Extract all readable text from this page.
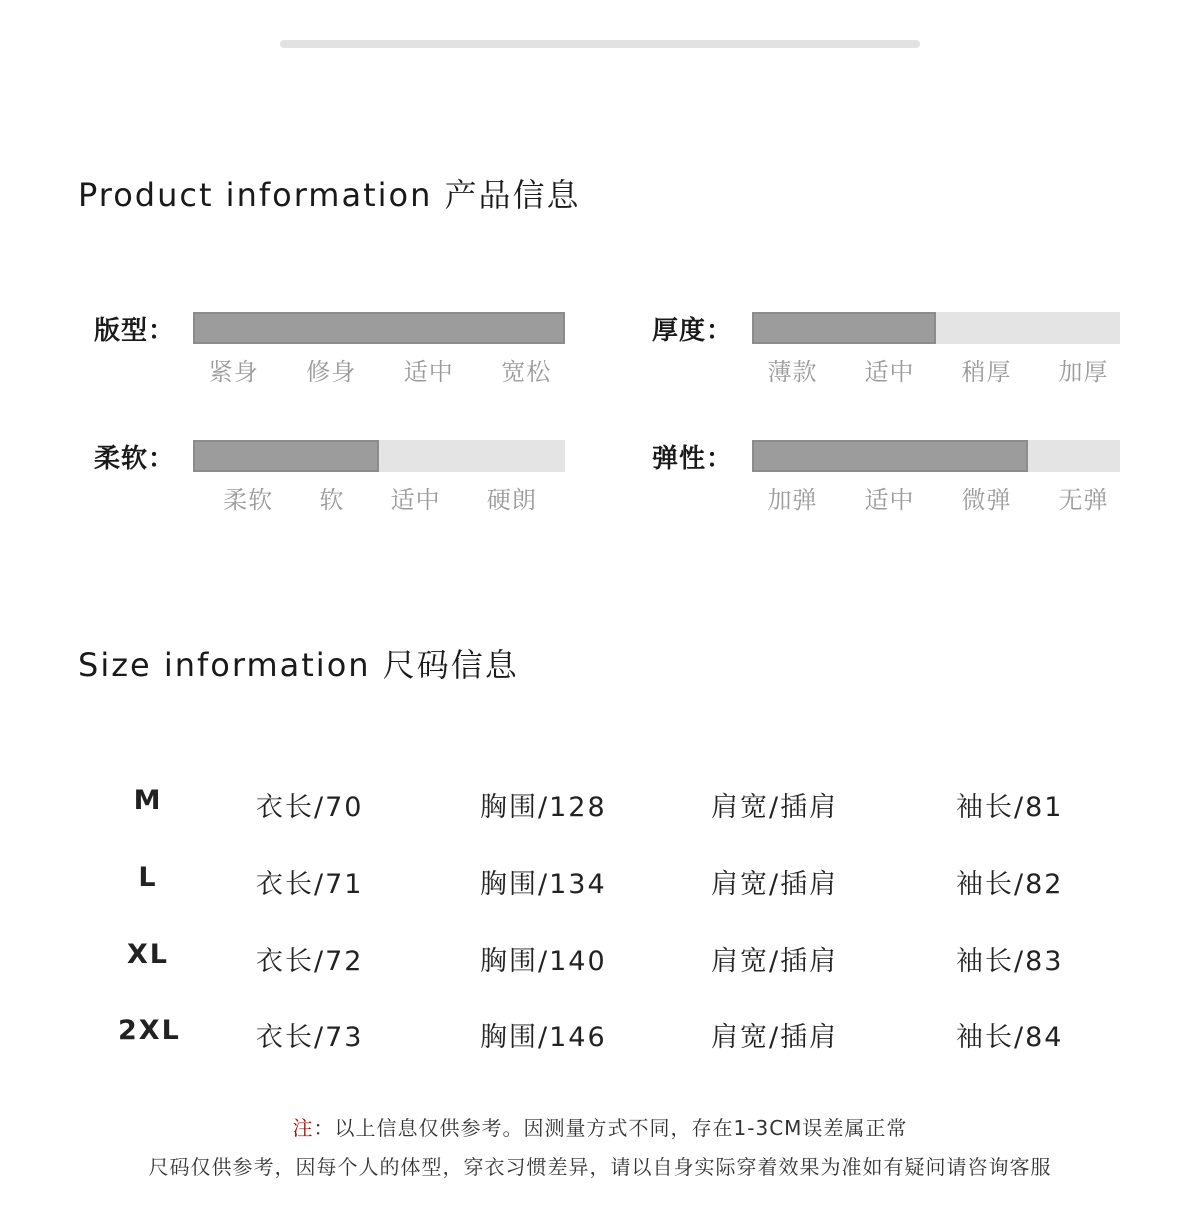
Product information 产品信息
版型：
紧身 修身 适中 宽松
厚度：
薄款 适中 稍厚 加厚
柔软：
柔软 软 适中 硬朗
弹性：
加弹 适中 微弹 无弹
Size information 尺码信息
M	衣长/70	胸围/128	肩宽/插肩	袖长/81
L	衣长/71	胸围/134	肩宽/插肩	袖长/82
XL	衣长/72	胸围/140	肩宽/插肩	袖长/83
2XL	衣长/73	胸围/146	肩宽/插肩	袖长/84
注：以上信息仅供参考。因测量方式不同，存在1-3CM误差属正常
尺码仅供参考，因每个人的体型，穿衣习惯差异，请以自身实际穿着效果为准如有疑问请咨询客服
